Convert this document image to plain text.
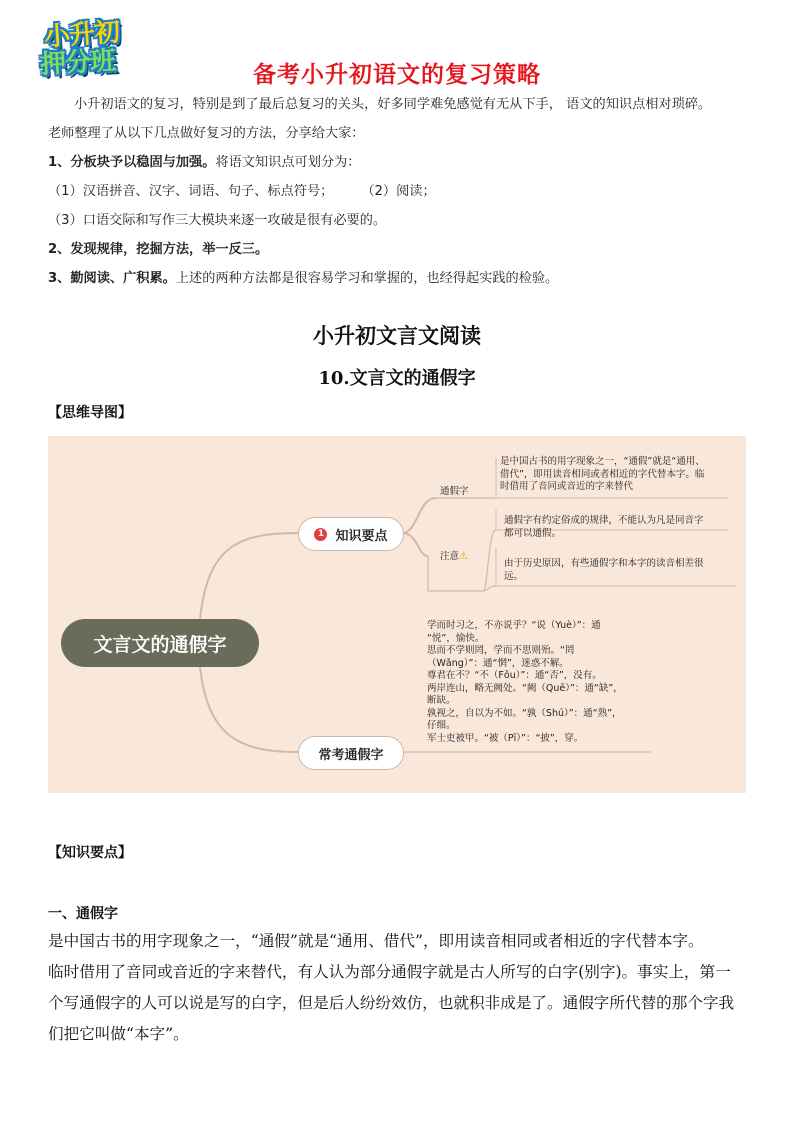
小升初
押分班	备考小升初语文的复习策略
小升初语文的复习，特别是到了最后总复习的关头，好多同学难免感觉有无从下手， 语文的知识点相对琐碎。
老师整理了从以下几点做好复习的方法，分享给大家：
1、分板块予以稳固与加强。将语文知识点可划分为：
（1）汉语拼音、汉字、词语、句子、标点符号； （2）阅读；
（3）口语交际和写作三大模块来逐一攻破是很有必要的。
2、发现规律，挖掘方法，举一反三。
3、勤阅读、广积累。上述的两种方法都是很容易学习和掌握的，也经得起实践的检验。
小升初文言文阅读
10.文言文的通假字
【思维导图】
文言文的通假字
1 知识要点
常考通假字
通假字
注意⚠
是中国古书的用字现象之一，“通假”就是“通用、
借代”，即用读音相同或者相近的字代替本字。临
时借用了音同或音近的字来替代
通假字有约定俗成的规律，不能认为凡是同音字
都可以通假。
由于历史原因，有些通假字和本字的读音相差很
远。
学而时习之，不亦说乎？“说（Yuè）”：通
“悦”，愉快。
思而不学则罔，学而不思则殆。“罔
（Wǎng）”：通“惘”，迷惑不解。
尊君在不？“不（Fǒu）”：通“否”，没有。
两岸连山，略无阙处。“阙（Quē）”：通“缺”，
断缺。
孰视之，自以为不如。“孰（Shú）”：通“熟”，
仔细。
军士吏被甲。“被（Pī）”：“披”，穿。
【知识要点】
一、通假字
是中国古书的用字现象之一，“通假”就是“通用、借代”，即用读音相同或者相近的字代替本字。
临时借用了音同或音近的字来替代，有人认为部分通假字就是古人所写的白字(别字)。事实上，第一
个写通假字的人可以说是写的白字，但是后人纷纷效仿，也就积非成是了。通假字所代替的那个字我
们把它叫做“本字”。
